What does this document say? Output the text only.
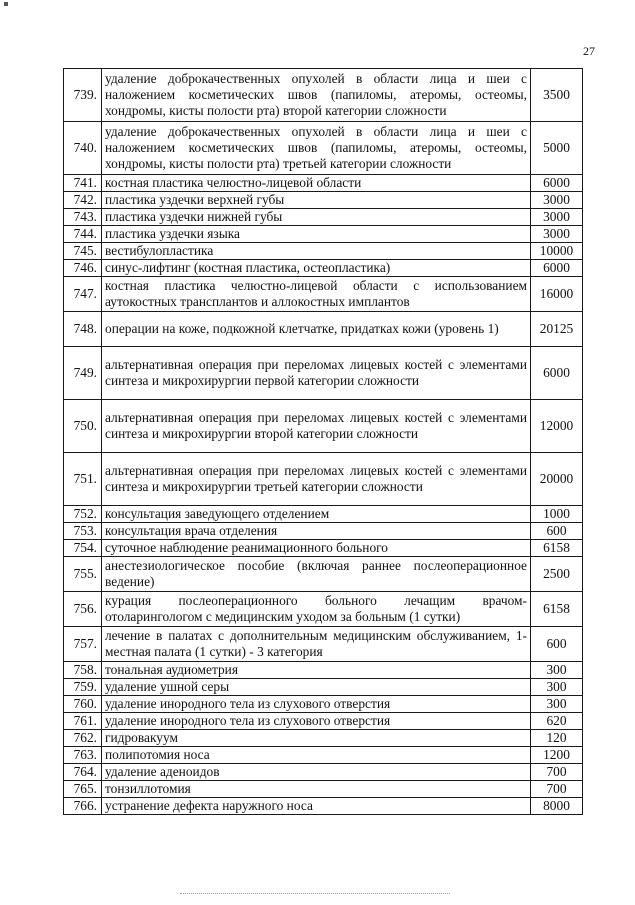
27
739.	удаление доброкачественных опухолей в области лица и шеи с наложением косметических швов (папиломы, атеромы, остеомы, хондромы, кисты полости рта) второй категории сложности	3500
740.	удаление доброкачественных опухолей в области лица и шеи с наложением косметических швов (папиломы, атеромы, остеомы, хондромы, кисты полости рта) третьей категории сложности	5000
741.	костная пластика челюстно-лицевой области	6000
742.	пластика уздечки верхней губы	3000
743.	пластика уздечки нижней губы	3000
744.	пластика уздечки языка	3000
745.	вестибулопластика	10000
746.	синус-лифтинг (костная пластика, остеопластика)	6000
747.	костная пластика челюстно-лицевой области с использованием аутокостных трансплантов и аллокостных имплантов	16000
748.	операции на коже, подкожной клетчатке, придатках кожи (уровень 1)	20125
749.	альтернативная операция при переломах лицевых костей с элементами синтеза и микрохирургии первой категории сложности	6000
750.	альтернативная операция при переломах лицевых костей с элементами синтеза и микрохирургии второй категории сложности	12000
751.	альтернативная операция при переломах лицевых костей с элементами синтеза и микрохирургии третьей категории сложности	20000
752.	консультация заведующего отделением	1000
753.	консультация врача отделения	600
754.	суточное наблюдение реанимационного больного	6158
755.	анестезиологическое пособие (включая раннее послеоперационное ведение)	2500
756.	курация послеоперационного больного лечащим врачом-отоларингологом с медицинским уходом за больным (1 сутки)	6158
757.	лечение в палатах с дополнительным медицинским обслуживанием, 1-местная палата (1 сутки) - 3 категория	600
758.	тональная аудиометрия	300
759.	удаление ушной серы	300
760.	удаление инородного тела из слухового отверстия	300
761.	удаление инородного тела из слухового отверстия	620
762.	гидровакуум	120
763.	полипотомия носа	1200
764.	удаление аденоидов	700
765.	тонзиллотомия	700
766.	устранение дефекта наружного носа	8000
